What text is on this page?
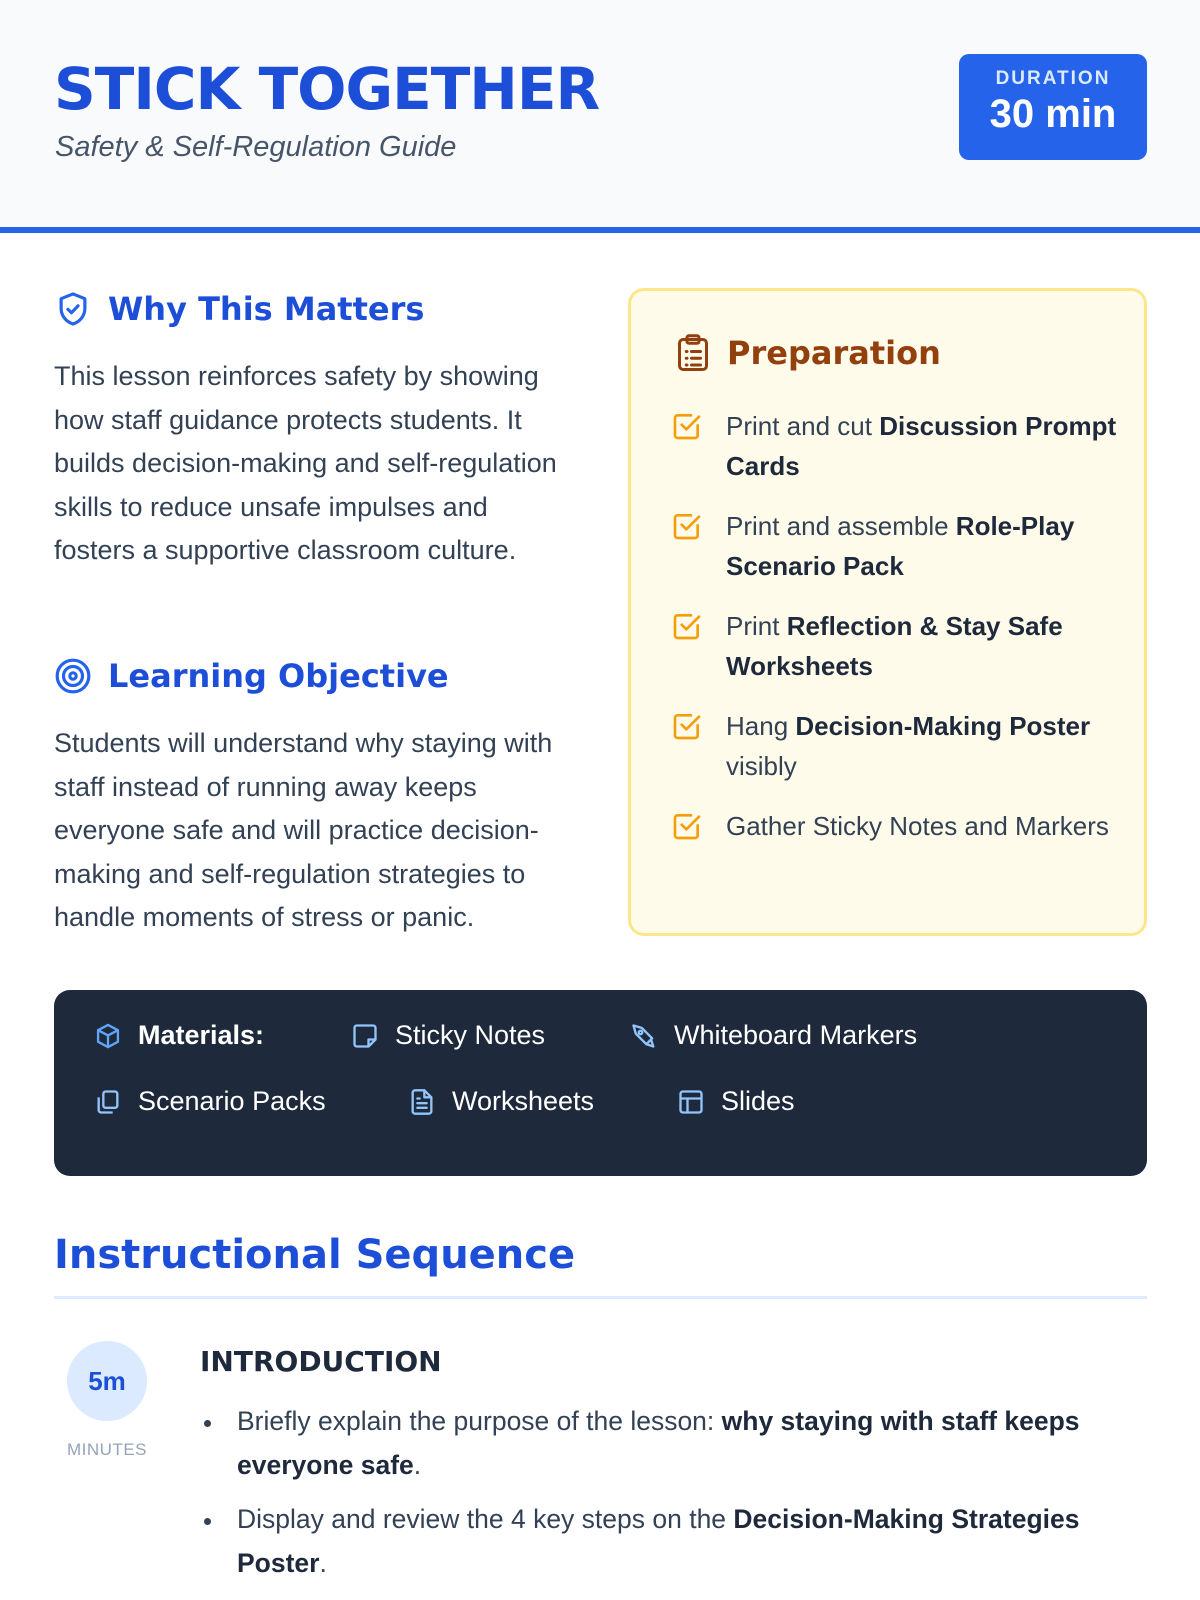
STICK TOGETHER
Safety & Self-Regulation Guide
DURATION
30 min
Why This Matters

This lesson reinforces safety by showing how staff guidance protects students. It builds decision-making and self-regulation skills to reduce unsafe impulses and fosters a supportive classroom culture.

Learning Objective

Students will understand why staying with staff instead of running away keeps everyone safe and will practice decision-making and self-regulation strategies to handle moments of stress or panic.

Preparation
Print and cut Discussion Prompt Cards
Print and assemble Role-Play Scenario Pack
Print Reflection & Stay Safe Worksheets
Hang Decision-Making Poster visibly
Gather Sticky Notes and Markers
Materials:	Sticky Notes	Whiteboard Markers
Scenario Packs	Worksheets	Slides
Instructional Sequence
5m
MINUTES
INTRODUCTION
Briefly explain the purpose of the lesson: why staying with staff keeps everyone safe.
Display and review the 4 key steps on the Decision-Making Strategies Poster.
